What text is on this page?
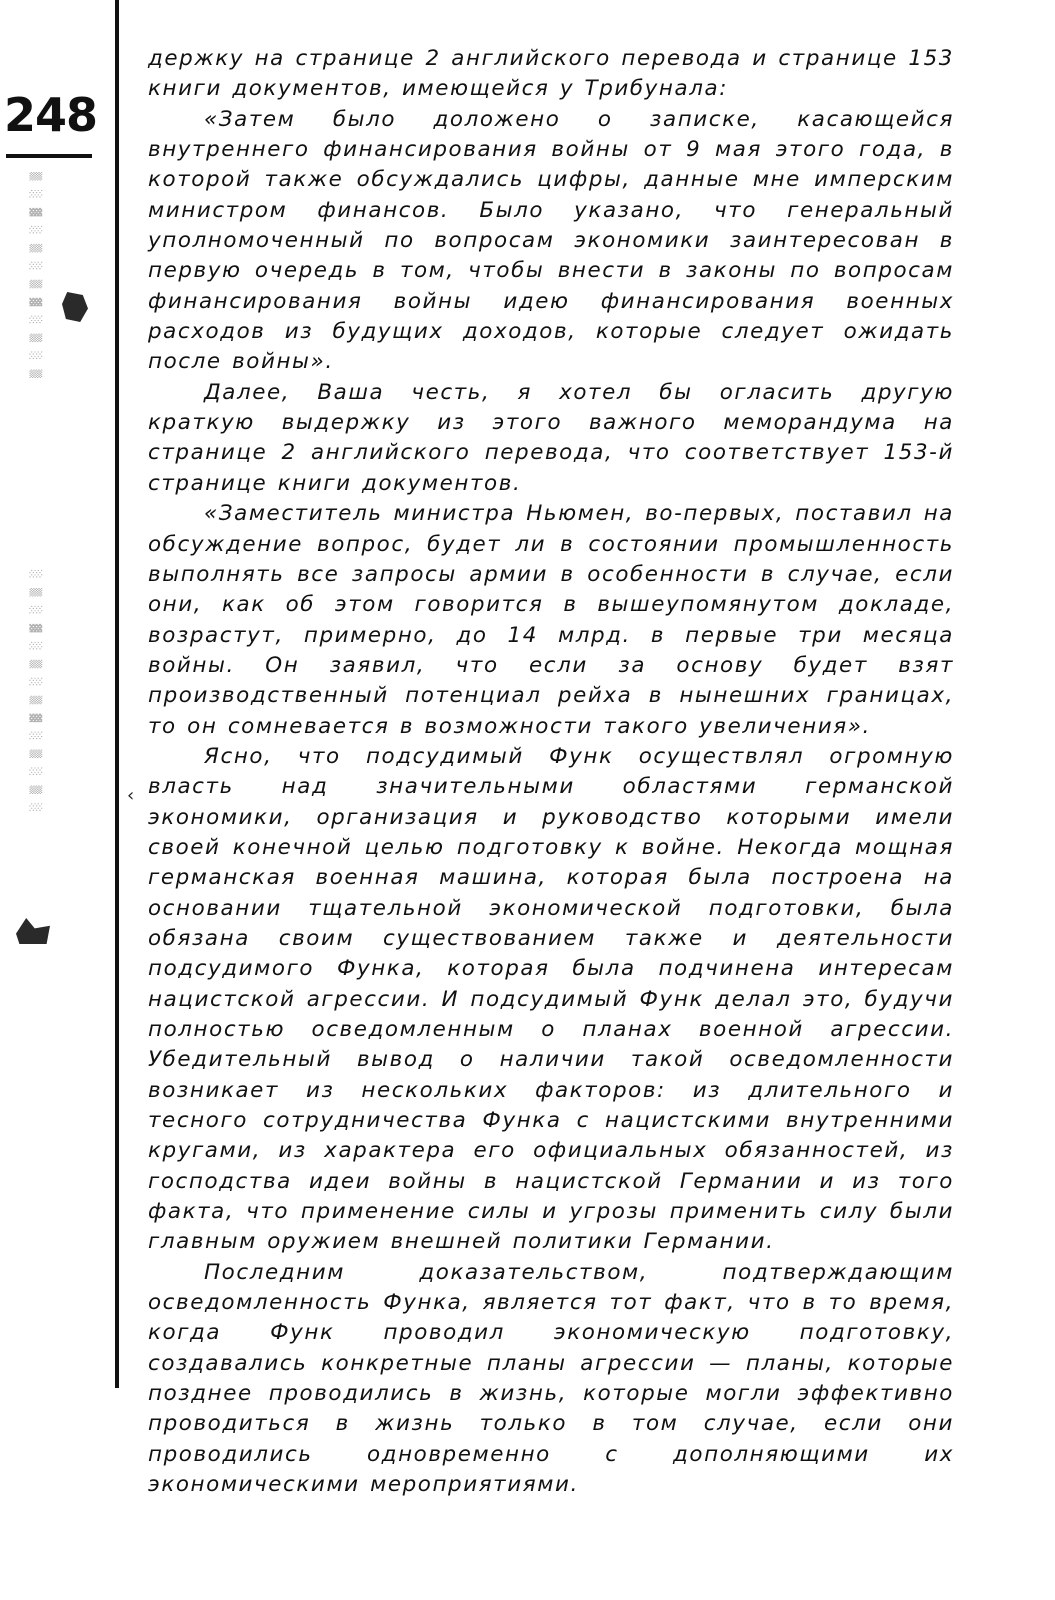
248
▒ ░ ▓ ░ ▒ ░ ▒ ▓ ░ ▒ ░ ▒
░ ▒ ░ ▓ ░ ▒ ░ ▒ ▓ ░ ▒ ░ ▒ ░	‹

держку на странице 2 английского перевода и странице 153 книги документов, имеющейся у Трибунала:

«Затем было доложено о записке, касающейся внутреннего финансирования войны от 9 мая этого года, в которой также обсуждались цифры, данные мне имперским министром финансов. Было указано, что генеральный уполномоченный по вопросам экономики заинтересован в первую очередь в том, чтобы внести в законы по вопросам финансирования войны идею финансирования военных расходов из будущих доходов, которые следует ожидать после войны».

Далее, Ваша честь, я хотел бы огласить другую краткую выдержку из этого важного меморандума на странице 2 английского перевода, что соответствует 153-й странице книги документов.

«Заместитель министра Ньюмен, во-первых, поставил на обсуждение вопрос, будет ли в состоянии промышленность выполнять все запросы армии в особенности в случае, если они, как об этом говорится в вышеупомянутом докладе, возрастут, примерно, до 14 млрд. в первые три месяца войны. Он заявил, что если за основу будет взят производственный потенциал рейха в нынешних границах, то он сомневается в возможности такого увеличения».

Ясно, что подсудимый Функ осуществлял огромную власть над значительными областями германской экономики, организация и руководство которыми имели своей конечной целью подготовку к войне. Некогда мощная германская военная машина, которая была построена на основании тщательной экономической подготовки, была обязана своим существованием также и деятельности подсудимого Функа, которая была подчинена интересам нацистской агрессии. И подсудимый Функ делал это, будучи полностью осведомленным о планах военной агрессии. Убедительный вывод о наличии такой осведомленности возникает из нескольких факторов: из длительного и тесного сотрудничества Функа с нацистскими внутренними кругами, из характера его официальных обязанностей, из господства идеи войны в нацистской Германии и из того факта, что применение силы и угрозы применить силу были главным оружием внешней политики Германии.

Последним доказательством, подтверждающим осведомленность Функа, является тот факт, что в то время, когда Функ проводил экономическую подготовку, создавались конкретные планы агрессии — планы, которые позднее проводились в жизнь, которые могли эффективно проводиться в жизнь только в том случае, если они проводились одновременно с дополняющими их экономическими мероприятиями.
